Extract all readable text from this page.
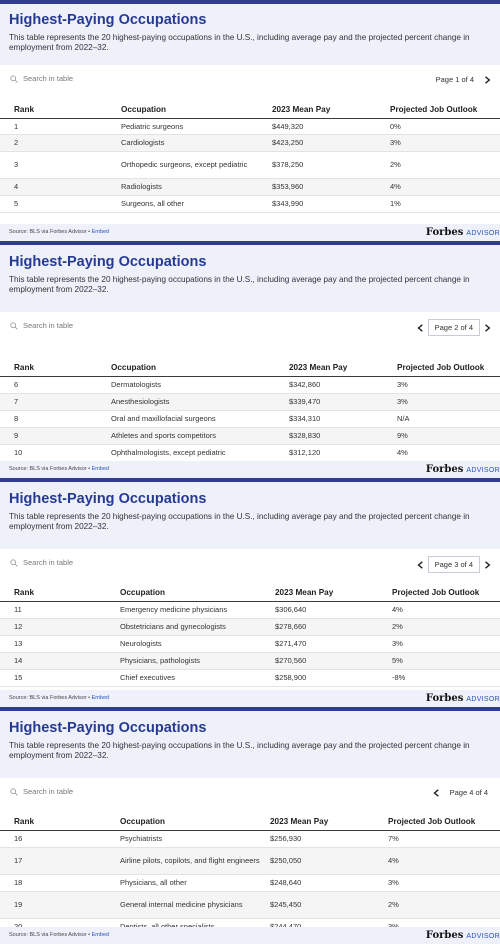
Highest-Paying Occupations
This table represents the 20 highest-paying occupations in the U.S., including average pay and the projected percent change in employment from 2022–32.
Search in table	Page 1 of 4
Rank	Occupation	2023 Mean Pay	Projected Job Outlook
1	Pediatric surgeons	$449,320	0%
2	Cardiologists	$423,250	3%
3	Orthopedic surgeons, except pediatric	$378,250	2%
4	Radiologists	$353,960	4%
5	Surgeons, all other	$343,990	1%
Source: BLS via Forbes Advisor • Embed	Forbes ADVISOR
Highest-Paying Occupations
This table represents the 20 highest-paying occupations in the U.S., including average pay and the projected percent change in employment from 2022–32.
Search in table	Page 2 of 4
Rank	Occupation	2023 Mean Pay	Projected Job Outlook
6	Dermatologists	$342,860	3%
7	Anesthesiologists	$339,470	3%
8	Oral and maxillofacial surgeons	$334,310	N/A
9	Athletes and sports competitors	$328,830	9%
10	Ophthalmologists, except pediatric	$312,120	4%
Source: BLS via Forbes Advisor • Embed	Forbes ADVISOR
Highest-Paying Occupations
This table represents the 20 highest-paying occupations in the U.S., including average pay and the projected percent change in employment from 2022–32.
Search in table	Page 3 of 4
Rank	Occupation	2023 Mean Pay	Projected Job Outlook
11	Emergency medicine physicians	$306,640	4%
12	Obstetricians and gynecologists	$278,660	2%
13	Neurologists	$271,470	3%
14	Physicians, pathologists	$270,560	5%
15	Chief executives	$258,900	-8%
Source: BLS via Forbes Advisor • Embed	Forbes ADVISOR
Highest-Paying Occupations
This table represents the 20 highest-paying occupations in the U.S., including average pay and the projected percent change in employment from 2022–32.
Search in table	Page 4 of 4
Rank	Occupation	2023 Mean Pay	Projected Job Outlook
16	Psychiatrists	$256,930	7%
17	Airline pilots, copilots, and flight engineers	$250,050	4%
18	Physicians, all other	$248,640	3%
19	General internal medicine physicians	$245,450	2%

Source: BLS via Forbes Advisor • Embed	Forbes ADVISOR
